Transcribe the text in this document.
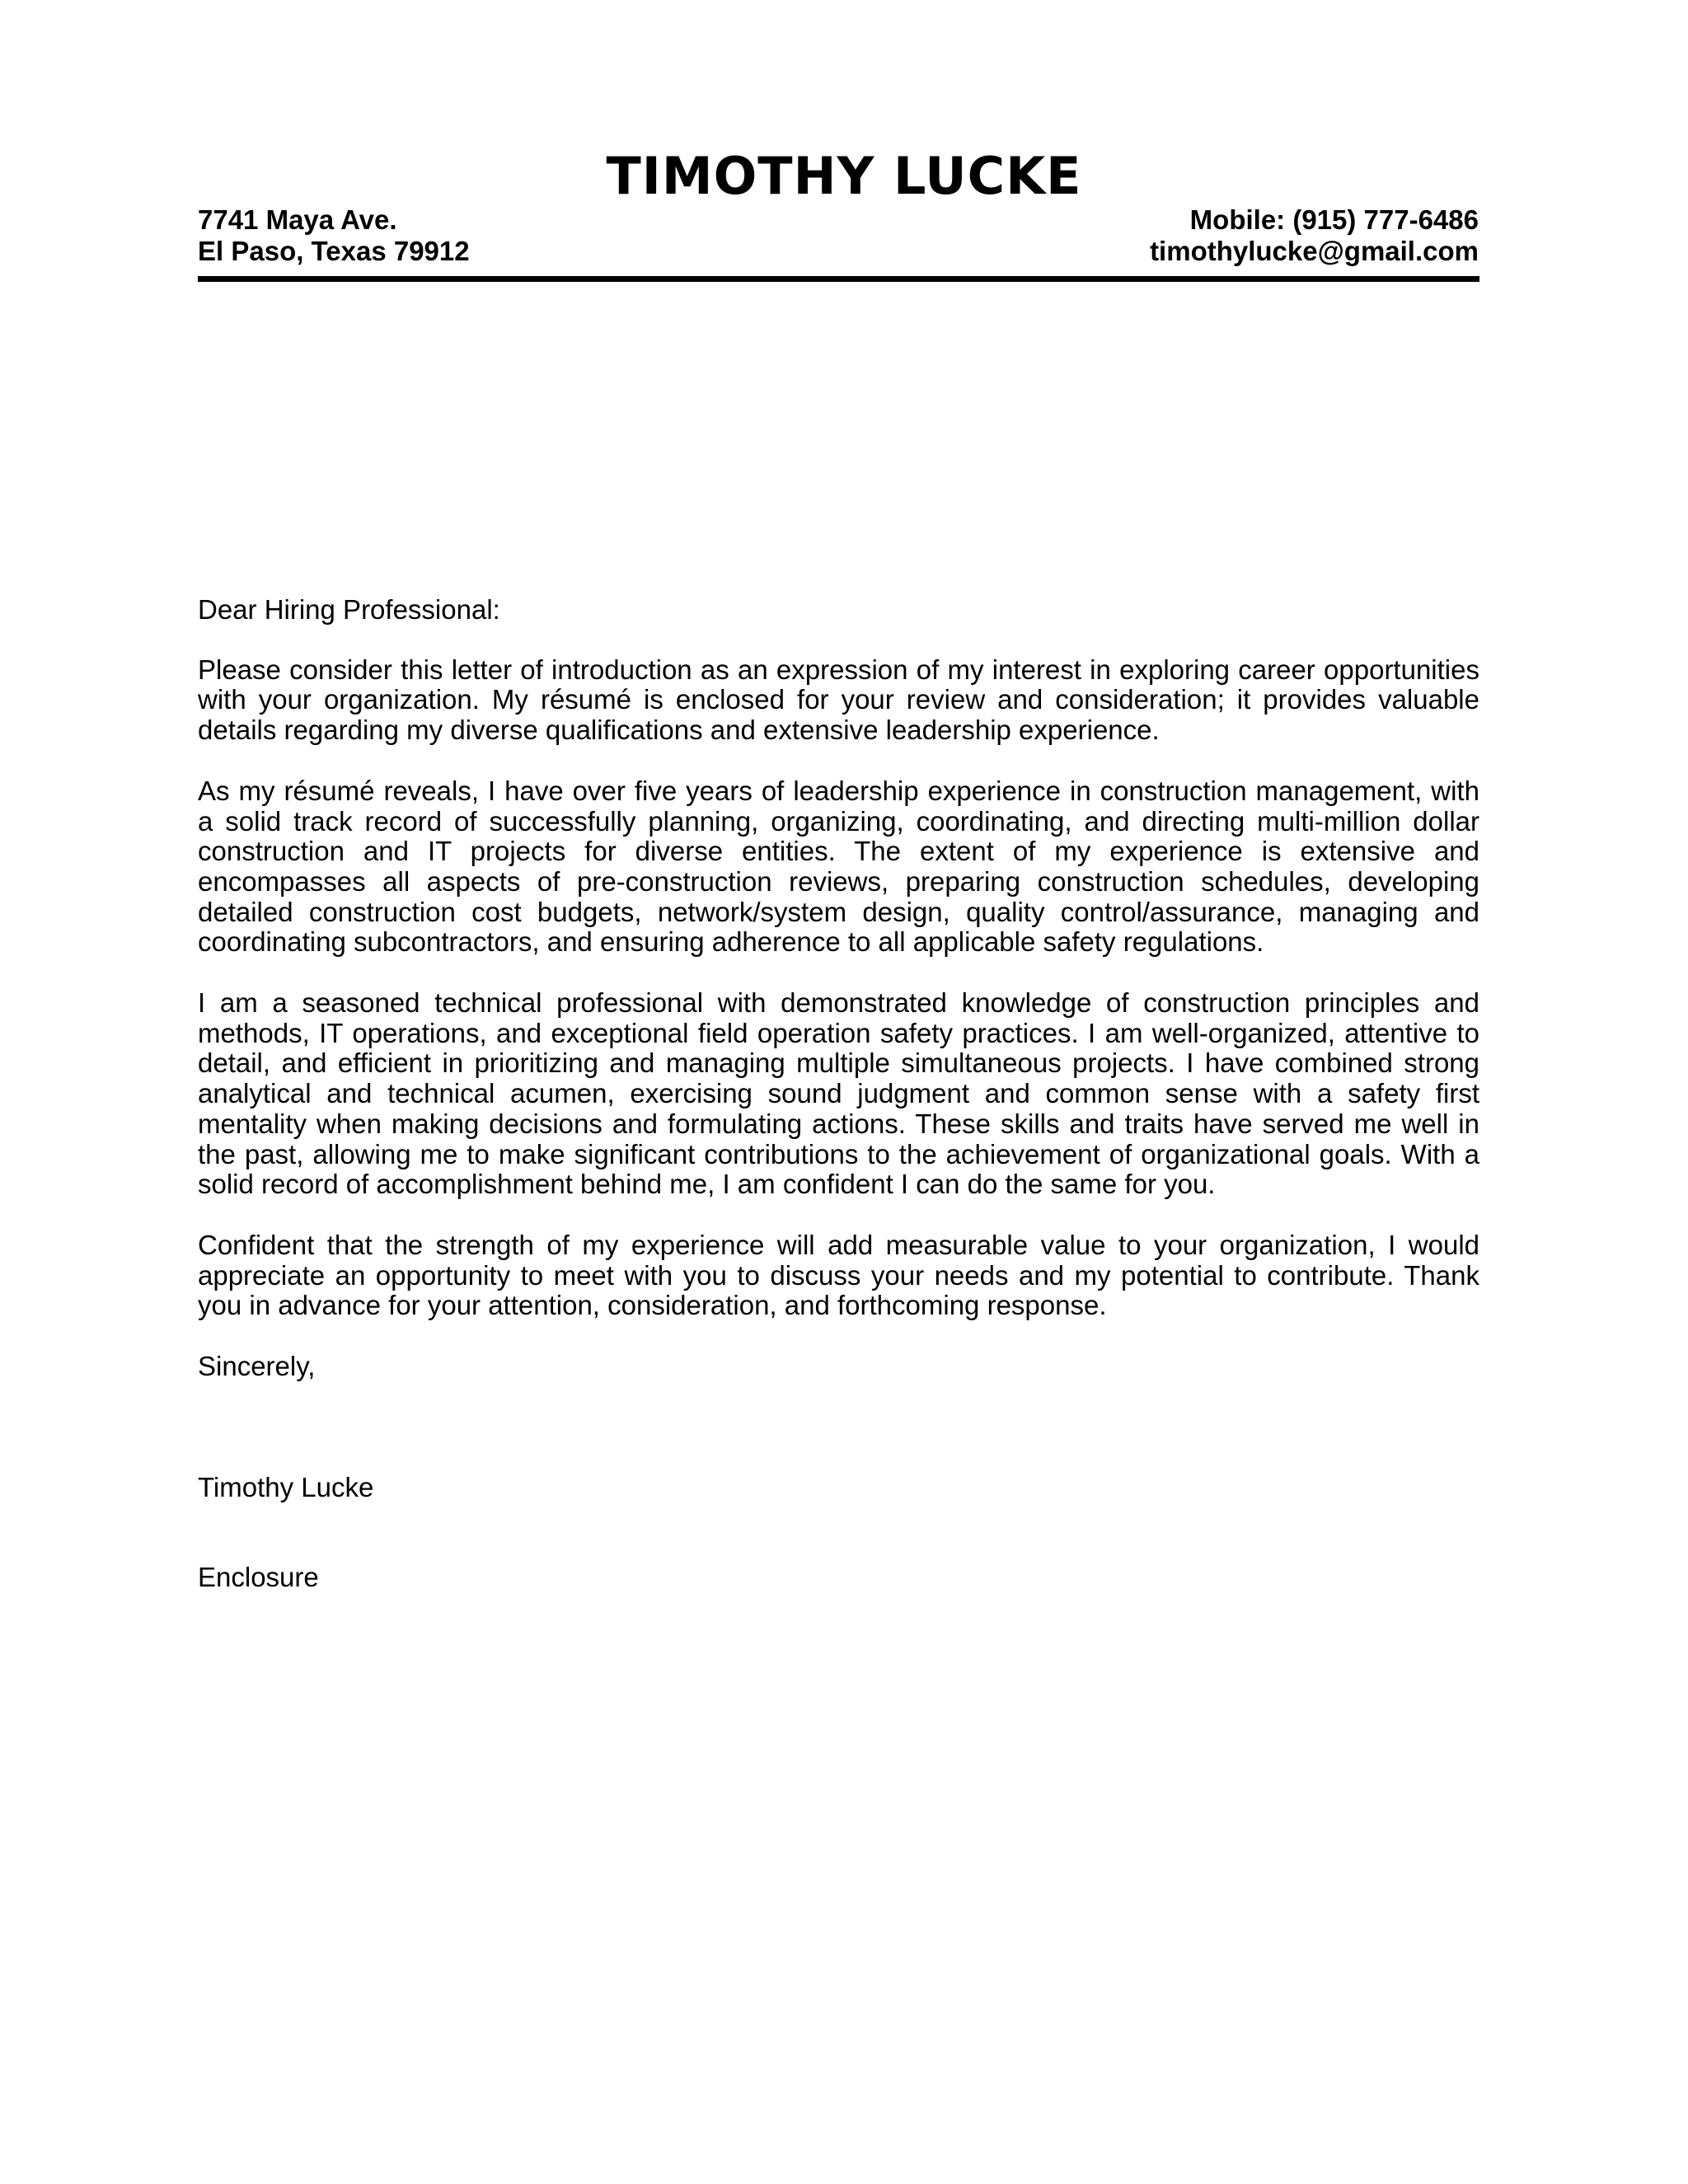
TIMOTHY LUCKE
7741 Maya Ave.
El Paso, Texas 79912
Mobile: (915) 777-6486
timothylucke@gmail.com

Dear Hiring Professional:

Please consider this letter of introduction as an expression of my interest in exploring career opportunities with your organization. My résumé is enclosed for your review and consideration; it provides valuable details regarding my diverse qualifications and extensive leadership experience.

As my résumé reveals, I have over five years of leadership experience in construction management, with a solid track record of successfully planning, organizing, coordinating, and directing multi-million dollar construction and IT projects for diverse entities. The extent of my experience is extensive and encompasses all aspects of pre-construction reviews, preparing construction schedules, developing detailed construction cost budgets, network/system design, quality control/assurance, managing and coordinating subcontractors, and ensuring adherence to all applicable safety regulations.

I am a seasoned technical professional with demonstrated knowledge of construction principles and methods, IT operations, and exceptional field operation safety practices. I am well-organized, attentive to detail, and efficient in prioritizing and managing multiple simultaneous projects. I have combined strong analytical and technical acumen, exercising sound judgment and common sense with a safety first mentality when making decisions and formulating actions. These skills and traits have served me well in the past, allowing me to make significant contributions to the achievement of organizational goals. With a solid record of accomplishment behind me, I am confident I can do the same for you.

Confident that the strength of my experience will add measurable value to your organization, I would appreciate an opportunity to meet with you to discuss your needs and my potential to contribute. Thank you in advance for your attention, consideration, and forthcoming response.

Sincerely,

Timothy Lucke

Enclosure
